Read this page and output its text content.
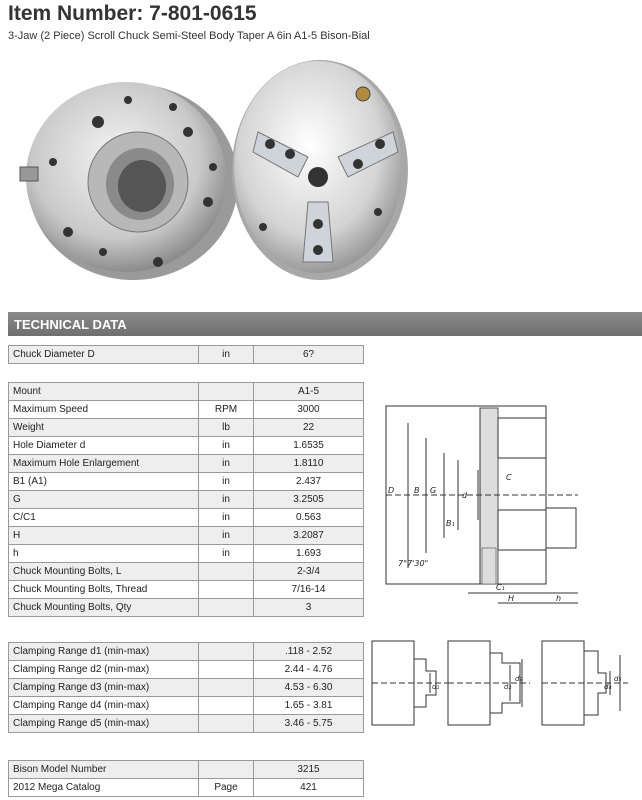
Item Number: 7-801-0615
3-Jaw (2 Piece) Scroll Chuck Semi-Steel Body Taper A 6in A1-5 Bison-Bial
TECHNICAL DATA
Chuck Diameter D	in	6?
Mount		A1-5
Maximum Speed	RPM	3000
Weight	lb	22
Hole Diameter d	in	1.6535
Maximum Hole Enlargement	in	1.8110
B1 (A1)	in	2.437
G	in	3.2505
C/C1	in	0.563
H	in	3.2087
h	in	1.693
Chuck Mounting Bolts, L		2-3/4
Chuck Mounting Bolts, Thread		7/16-14
Chuck Mounting Bolts, Qty		3
Clamping Range d1 (min-max)		.118 - 2.52
Clamping Range d2 (min-max)		2.44 - 4.76
Clamping Range d3 (min-max)		4.53 - 6.30
Clamping Range d4 (min-max)		1.65 - 3.81
Clamping Range d5 (min-max)		3.46 - 5.75
Bison Model Number		3215
2012 Mega Catalog	Page	421
D B G
B₁
d
C
C₁
H	h
7°7'30"
d₁	d₂
d₃
d₄
d₅
